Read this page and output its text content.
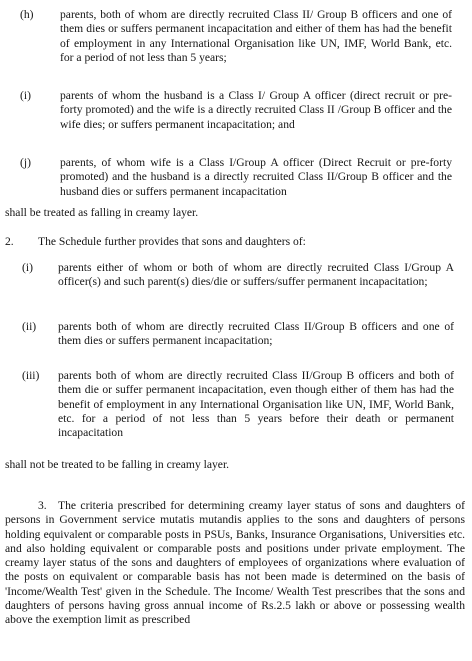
(h) parents, both of whom are directly recruited Class II/ Group B officers and one of them dies or suffers permanent incapacitation and either of them has had the benefit of employment in any International Organisation like UN, IMF, World Bank, etc. for a period of not less than 5 years;

(i)	parents of whom the husband is a Class I/ Group A officer (direct recruit or pre-forty promoted) and the wife is a directly recruited Class II /Group B officer and the wife dies; or suffers permanent incapacitation; and

(j)	parents, of whom wife is a Class I/Group A officer (Direct Recruit or pre-forty promoted) and the husband is a directly recruited Class II/Group B officer and the husband dies or suffers permanent incapacitation

shall be treated as falling in creamy layer.

2. The Schedule further provides that sons and daughters of:
(i) parents either of whom or both of whom are directly recruited Class I/Group A officer(s) and such parent(s) dies/die or suffers/suffer permanent incapacitation;

(ii) parents both of whom are directly recruited Class II/Group B officers and one of them dies or suffers permanent incapacitation;

(iii) parents both of whom are directly recruited Class II/Group B officers and both of them die or suffer permanent incapacitation, even though either of them has had the benefit of employment in any International Organisation like UN, IMF, World Bank, etc. for a period of not less than 5 years before their death or permanent incapacitation

shall not be treated to be falling in creamy layer.

3. The criteria prescribed for determining creamy layer status of sons and daughters of persons in Government service mutatis mutandis applies to the sons and daughters of persons holding equivalent or comparable posts in PSUs, Banks, Insurance Organisations, Universities etc. and also holding equivalent or comparable posts and positions under private employment. The creamy layer status of the sons and daughters of employees of organizations where evaluation of the posts on equivalent or comparable basis has not been made is determined on the basis of 'Income/Wealth Test' given in the Schedule. The Income/ Wealth Test prescribes that the sons and daughters of persons having gross annual income of Rs.2.5 lakh or above or possessing wealth above the exemption limit as prescribed
